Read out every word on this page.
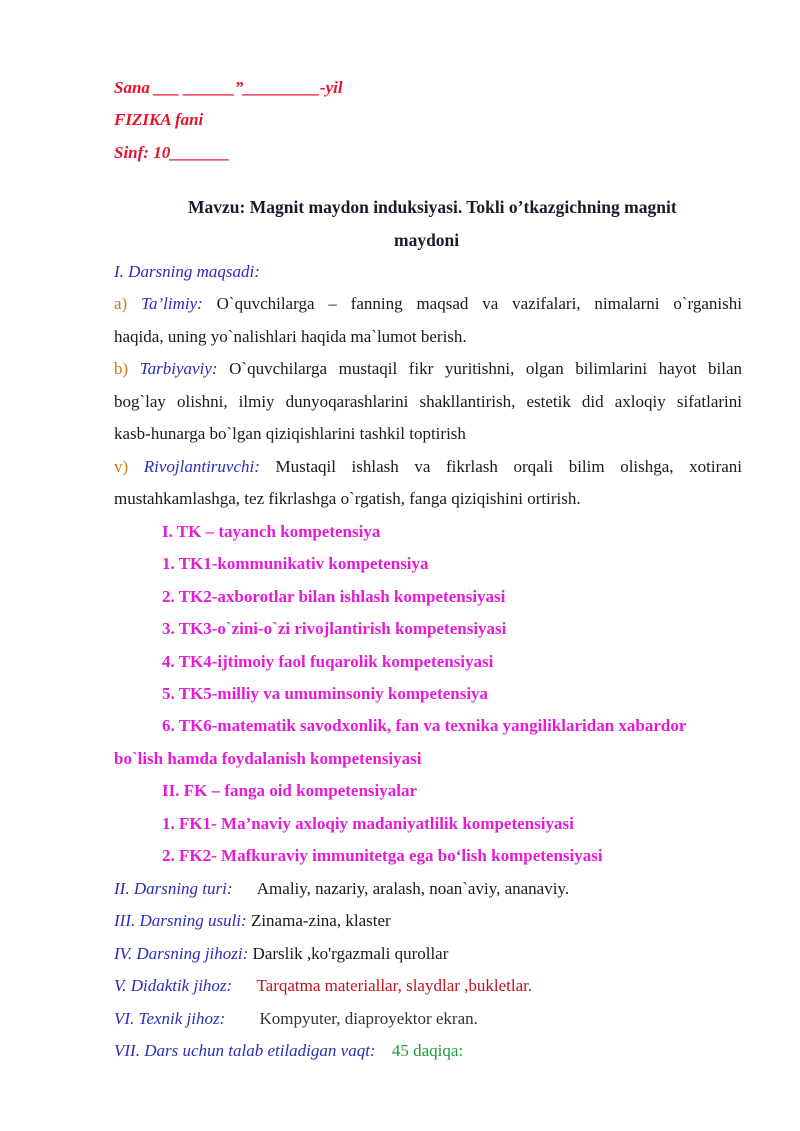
Sana ___ ______”_________-yil
FIZIKA fani
Sinf: 10_______
Mavzu: Magnit maydon induksiyasi. Tokli o’tkazgichning magnit
maydoni
I. Darsning maqsadi:
a) Ta’limiy: O`quvchilarga – fanning maqsad va vazifalari, nimalarni o`rganishi
haqida, uning yo`nalishlari haqida ma`lumot berish.
b) Tarbiyaviy: O`quvchilarga mustaqil fikr yuritishni, olgan bilimlarini hayot bilan
bog`lay olishni, ilmiy dunyoqarashlarini shakllantirish, estetik did axloqiy sifatlarini
kasb-hunarga bo`lgan qiziqishlarini tashkil toptirish
v) Rivojlantiruvchi: Mustaqil ishlash va fikrlash orqali bilim olishga, xotirani
mustahkamlashga, tez fikrlashga o`rgatish, fanga qiziqishini ortirish.
I. TK – tayanch kompetensiya
1. TK1-kommunikativ kompetensiya
2. TK2-axborotlar bilan ishlash kompetensiyasi
3. TK3-o`zini-o`zi rivojlantirish kompetensiyasi
4. TK4-ijtimoiy faol fuqarolik kompetensiyasi
5. TK5-milliy va umuminsoniy kompetensiya
6. TK6-matematik savodxonlik, fan va texnika yangiliklaridan xabardor
bo`lish hamda foydalanish kompetensiyasi
II. FK – fanga oid kompetensiyalar
1. FK1- Ma’naviy axloqiy madaniyatlilik kompetensiyasi
2. FK2- Mafkuraviy immunitetga ega bo‘lish kompetensiyasi
II. Darsning turi: Amaliy, nazariy, aralash, noan`aviy, ananaviy.
III. Darsning usuli: Zinama-zina, klaster
IV. Darsning jihozi: Darslik ,ko'rgazmali qurollar
V. Didaktik jihoz: Tarqatma materiallar, slaydlar ,bukletlar.
VI. Texnik jihoz: Kompyuter, diaproyektor ekran.
VII. Dars uchun talab etiladigan vaqt: 45 daqiqa:
